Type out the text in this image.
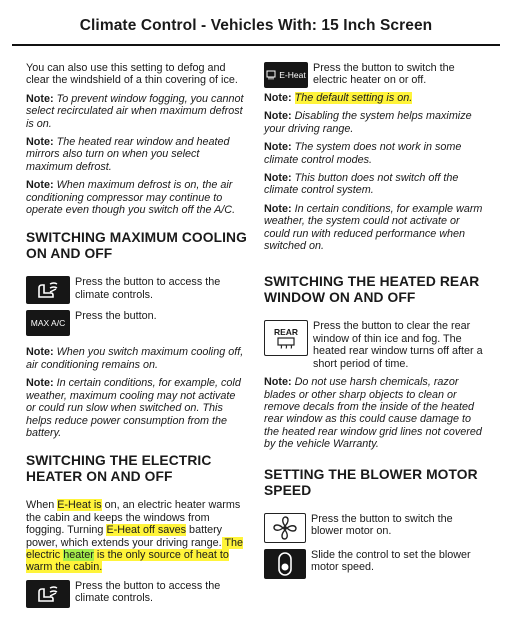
Climate Control - Vehicles With: 15 Inch Screen

You can also use this setting to defog and clear the windshield of a thin covering of ice.

Note: To prevent window fogging, you cannot select recirculated air when maximum defrost is on.

Note: The heated rear window and heated mirrors also turn on when you select maximum defrost.

Note: When maximum defrost is on, the air conditioning compressor may continue to operate even though you switch off the A/C.

SWITCHING MAXIMUM COOLING ON AND OFF
Press the button to access the climate controls.
MAX A/C
Press the button.

Note: When you switch maximum cooling off, air conditioning remains on.

Note: In certain conditions, for example, cold weather, maximum cooling may not activate or could run slow when switched on. This helps reduce power consumption from the battery.

SWITCHING THE ELECTRIC HEATER ON AND OFF

When E-Heat is on, an electric heater warms the cabin and keeps the windows from fogging. Turning E-Heat off saves battery power, which extends your driving range. The electric heater is the only source of heat to warm the cabin.

Press the button to access the climate controls.
E-Heat
Press the button to switch the electric heater on or off.

Note: The default setting is on.

Note: Disabling the system helps maximize your driving range.

Note: The system does not work in some climate control modes.

Note: This button does not switch off the climate control system.

Note: In certain conditions, for example warm weather, the system could not activate or could run with reduced performance when switched on.

SWITCHING THE HEATED REAR WINDOW ON AND OFF

REAR Press the button to clear the rear window of thin ice and fog. The heated rear window turns off after a short period of time.

Note: Do not use harsh chemicals, razor blades or other sharp objects to clean or remove decals from the inside of the heated rear window as this could cause damage to the heated rear window grid lines not covered by the vehicle Warranty.

SETTING THE BLOWER MOTOR SPEED
Press the button to switch the blower motor on.
Slide the control to set the blower motor speed.
